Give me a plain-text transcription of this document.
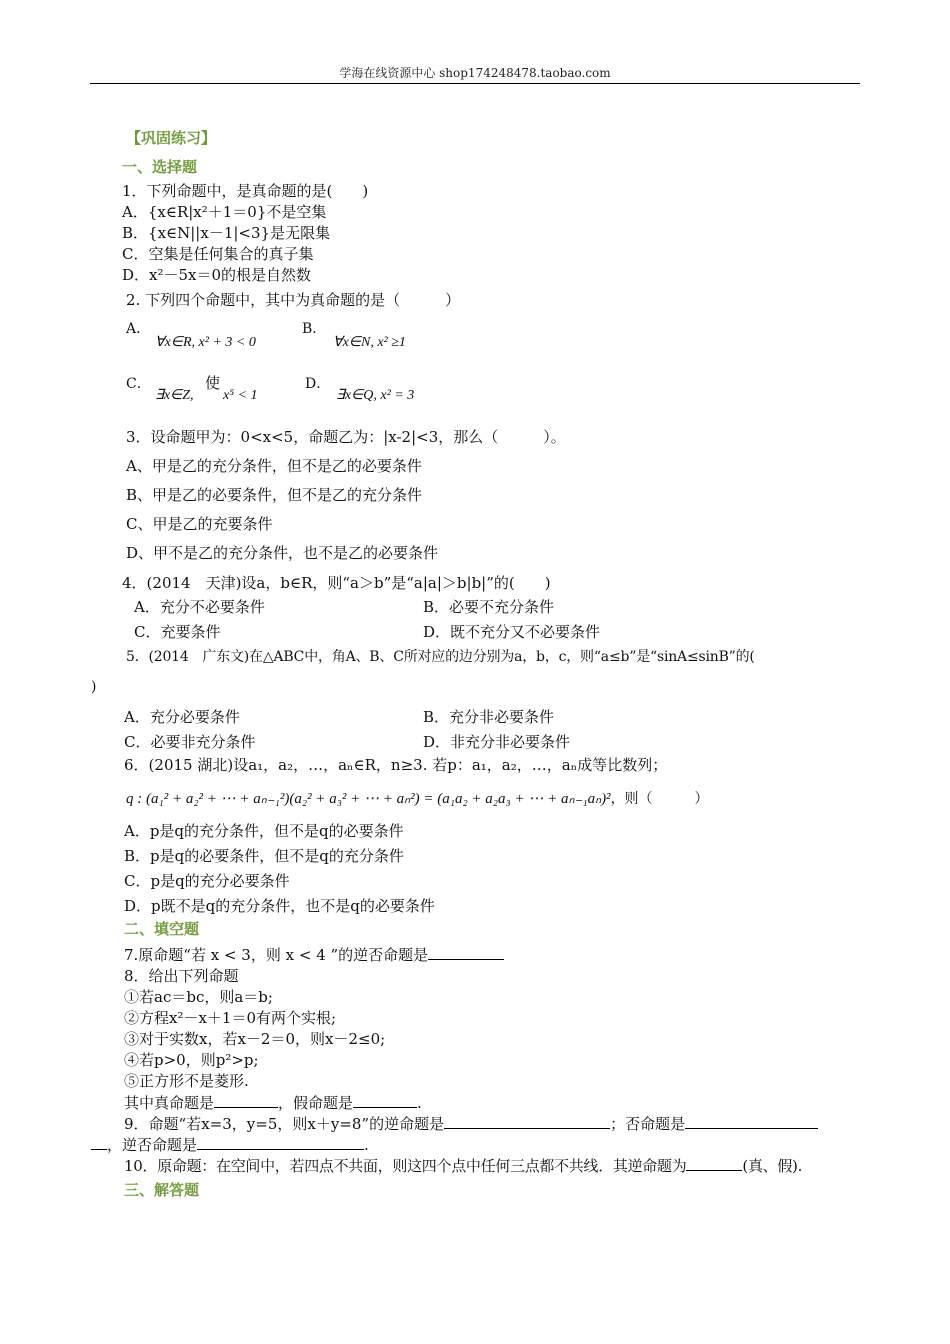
学海在线资源中心 shop174248478.taobao.com
【巩固练习】
一、选择题
1．下列命题中，是真命题的是(　　)
A．{x∈R|x²＋1＝0}不是空集
B．{x∈N||x－1|<3}是无限集
C．空集是任何集合的真子集
D．x²－5x＝0的根是自然数
2. 下列四个命题中，其中为真命题的是（　　　）
A．
∀x∈R, x² + 3 < 0
B．
∀x∈N, x² ≥1
C．
∃x∈Z,
使
x⁵ < 1
D．
∃x∈Q, x² = 3
3．设命题甲为：0<x<5，命题乙为：|x-2|<3，那么（　　　）。
A、甲是乙的充分条件，但不是乙的必要条件
B、甲是乙的必要条件，但不是乙的充分条件
C、甲是乙的充要条件
D、甲不是乙的充分条件，也不是乙的必要条件
4．(2014　天津)设a，b∈R，则“a＞b”是“a|a|＞b|b|”的(　　)
A．充分不必要条件	B．必要不充分条件
C．充要条件	D．既不充分又不必要条件
5．(2014　广东文)在△ABC中，角A、B、C所对应的边分别为a，b，c，则“a≤b”是“sinA≤sinB”的(
)
A．充分必要条件	B．充分非必要条件
C．必要非充分条件	D．非充分非必要条件
6．(2015 湖北)设a₁，a₂，…，aₙ∈R，n≥3. 若p：a₁，a₂，…，aₙ成等比数列；
q : (a₁² + a₂² + ⋯ + aₙ₋₁²)(a₂² + a₃² + ⋯ + aₙ²) = (a₁a₂ + a₂a₃ + ⋯ + aₙ₋₁aₙ)²，则（　　　）
A．p是q的充分条件，但不是q的必要条件
B．p是q的必要条件，但不是q的充分条件
C．p是q的充分必要条件
D．p既不是q的充分条件，也不是q的必要条件
二、填空题
7.原命题“若 x < 3，则 x < 4 ”的逆否命题是
8．给出下列命题
①若ac＝bc，则a＝b;
②方程x²－x＋1＝0有两个实根;
③对于实数x，若x－2＝0，则x－2≤0;
④若p>0，则p²>p;
⑤正方形不是菱形.
其中真命题是	，假命题是	.
9．命题“若x=3，y=5，则x＋y=8”的逆命题是	；否命题是
，逆否命题是	.
10．原命题：在空间中，若四点不共面，则这四个点中任何三点都不共线．其逆命题为	(真、假).
三、解答题
